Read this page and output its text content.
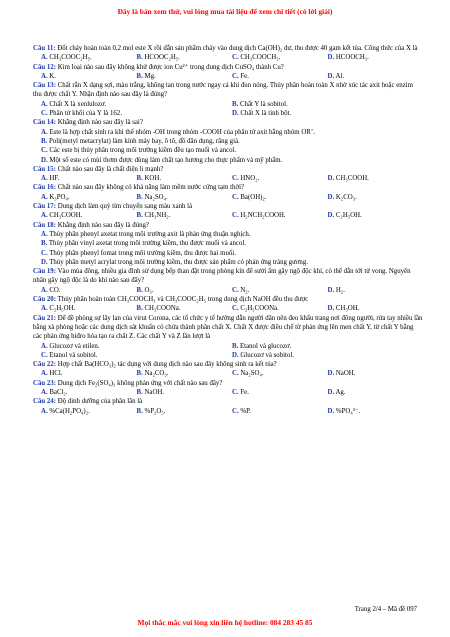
Đây là bản xem thử, vui lòng mua tài liệu để xem chi tiết (có lời giải)

Câu 11: Đốt cháy hoàn toàn 0,2 mol este X rồi dẫn sản phẩm cháy vào dung dịch Ca(OH)₂ dư, thu được 40 gam kết tủa. Công thức của X là

A. CH₃COOC₂H₅.	B. HCOOC₂H₅.	C. CH₃COOCH₃.	D. HCOOCH₃.

Câu 12: Kim loại nào sau đây không khử được ion Cu²⁺ trong dung dịch CuSO₄ thành Cu?

A. K.	B. Mg.	C. Fe.	D. Al.

Câu 13: Chất rắn X dạng sợi, màu trắng, không tan trong nước ngay cả khi đun nóng. Thủy phân hoàn toàn X nhờ xúc tác axit hoặc enzim thu được chất Y. Nhận định nào sau đây là đúng?

A. Chất X là xenlulozơ.	B. Chất Y là sobitol.
C. Phân tử khối của Y là 162.	D. Chất X là tinh bột.

Câu 14: Khẳng định nào sau đây là sai?

A. Este là hợp chất sinh ra khi thế nhóm -OH trong nhóm -COOH của phân tử axit bằng nhóm OR’.
B. Poli(metyl metacrylat) làm kính máy bay, ô tô, đồ dân dụng, răng giả.
C. Các este bị thủy phân trong môi trường kiềm đều tạo muối và ancol.
D. Một số este có mùi thơm được dùng làm chất tạo hương cho thực phẩm và mỹ phẩm.

Câu 15: Chất nào sau đây là chất điện li mạnh?

A. HF.	B. KOH.	C. HNO₂.	D. CH₃COOH.

Câu 16: Chất nào sau đây không có khả năng làm mềm nước cứng tạm thời?

A. K₃PO₄.	B. Na₂SO₄.	C. Ba(OH)₂.	D. K₂CO₃.

Câu 17: Dung dịch làm quỳ tím chuyển sang màu xanh là

A. CH₃COOH.	B. CH₃NH₂.	C. H₂NCH₂COOH.	D. C₂H₅OH.

Câu 18: Khẳng định nào sau đây là đúng?

A. Thủy phân phenyl axetat trong môi trường axit là phản ứng thuận nghịch.
B. Thủy phân vinyl axetat trong môi trường kiềm, thu được muối và ancol.
C. Thủy phân phenyl fomat trong môi trường kiềm, thu được hai muối.
D. Thủy phân metyl acrylat trong môi trường kiềm, thu được sản phẩm có phản ứng tráng gương.

Câu 19: Vào mùa đông, nhiều gia đình sử dụng bếp than đặt trong phòng kín để sưởi ấm gây ngộ độc khí, có thể dẫn tới tử vong. Nguyên nhân gây ngộ độc là do khí nào sau đây?

A. CO.	B. O₃.	C. N₂.	D. H₂.

Câu 20: Thủy phân hoàn toàn CH₃COOCH₃ và CH₃COOC₂H₅ trong dung dịch NaOH đều thu được

A. C₂H₅OH.	B. CH₃COONa.	C. C₂H₅COONa.	D. CH₃OH.

Câu 21: Để đề phòng sự lây lan của virut Corona, các tổ chức y tế hướng dẫn người dân nên đeo khẩu trang nơi đông người, rửa tay nhiều lần bằng xà phòng hoặc các dung dịch sát khuẩn có chứa thành phần chất X. Chất X được điều chế từ phản ứng lên men chất Y, từ chất Y bằng các phản ứng hiđro hóa tạo ra chất Z. Các chất Y và Z lần lượt là

A. Glucozơ và etilen.	B. Etanol và glucozơ.
C. Etanol và sobitol.	D. Glucozơ và sobitol.

Câu 22: Hợp chất Ba(HCO₃)₂ tác dụng với dung dịch nào sau đây không sinh ra kết tủa?

A. HCl.	B. Na₂CO₃.	C. Na₂SO₄.	D. NaOH.

Câu 23: Dung dịch Fe₂(SO₄)₃ không phản ứng với chất nào sau đây?

A. BaCl₂.	B. NaOH.	C. Fe.	D. Ag.

Câu 24: Độ dinh dưỡng của phân lân là

A. %Ca(H₂PO₄)₂.	B. %P₂O₅.	C. %P.	D. %PO₄³⁻.
Trang 2/4 – Mã đề 097
Mọi thắc mắc vui lòng xin liên hệ hotline: 084 283 45 85
